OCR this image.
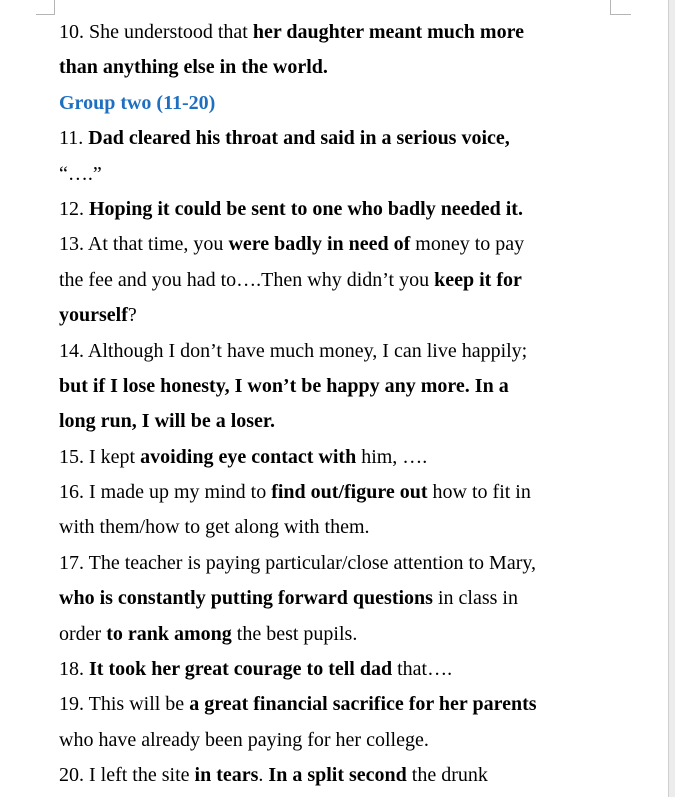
10. She understood that her daughter meant much more
than anything else in the world.
Group two (11-20)
11. Dad cleared his throat and said in a serious voice,
“….”
12. Hoping it could be sent to one who badly needed it.
13. At that time, you were badly in need of money to pay
the fee and you had to….Then why didn’t you keep it for
yourself?
14. Although I don’t have much money, I can live happily;
but if I lose honesty, I won’t be happy any more. In a
long run, I will be a loser.
15. I kept avoiding eye contact with him, ….
16. I made up my mind to find out/figure out how to fit in
with them/how to get along with them.
17. The teacher is paying particular/close attention to Mary,
who is constantly putting forward questions in class in
order to rank among the best pupils.
18. It took her great courage to tell dad that….
19. This will be a great financial sacrifice for her parents
who have already been paying for her college.
20. I left the site in tears. In a split second the drunk
